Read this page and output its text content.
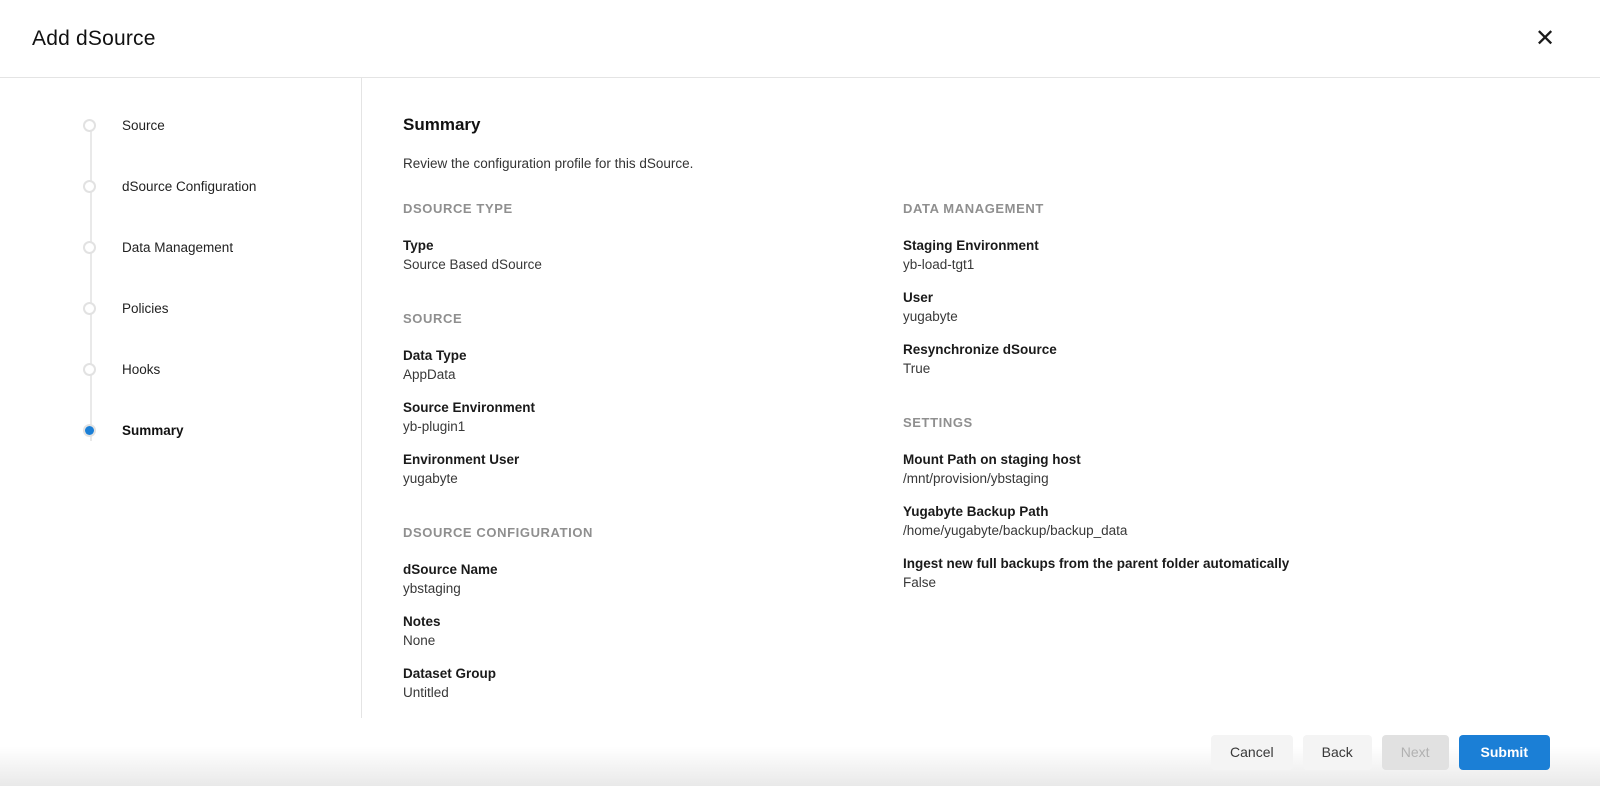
Add dSource	✕
Source
dSource Configuration
Data Management
Policies
Hooks
Summary
Summary

Review the configuration profile for this dSource.

DSOURCE TYPE
Type
Source Based dSource
SOURCE
Data Type
AppData
Source Environment
yb-plugin1
Environment User
yugabyte
DSOURCE CONFIGURATION
dSource Name
ybstaging
Notes
None
Dataset Group
Untitled
DATA MANAGEMENT
Staging Environment
yb-load-tgt1
User
yugabyte
Resynchronize dSource
True
SETTINGS
Mount Path on staging host
/mnt/provision/ybstaging
Yugabyte Backup Path
/home/yugabyte/backup/backup_data
Ingest new full backups from the parent folder automatically
False
Cancel	Back	Next	Submit
